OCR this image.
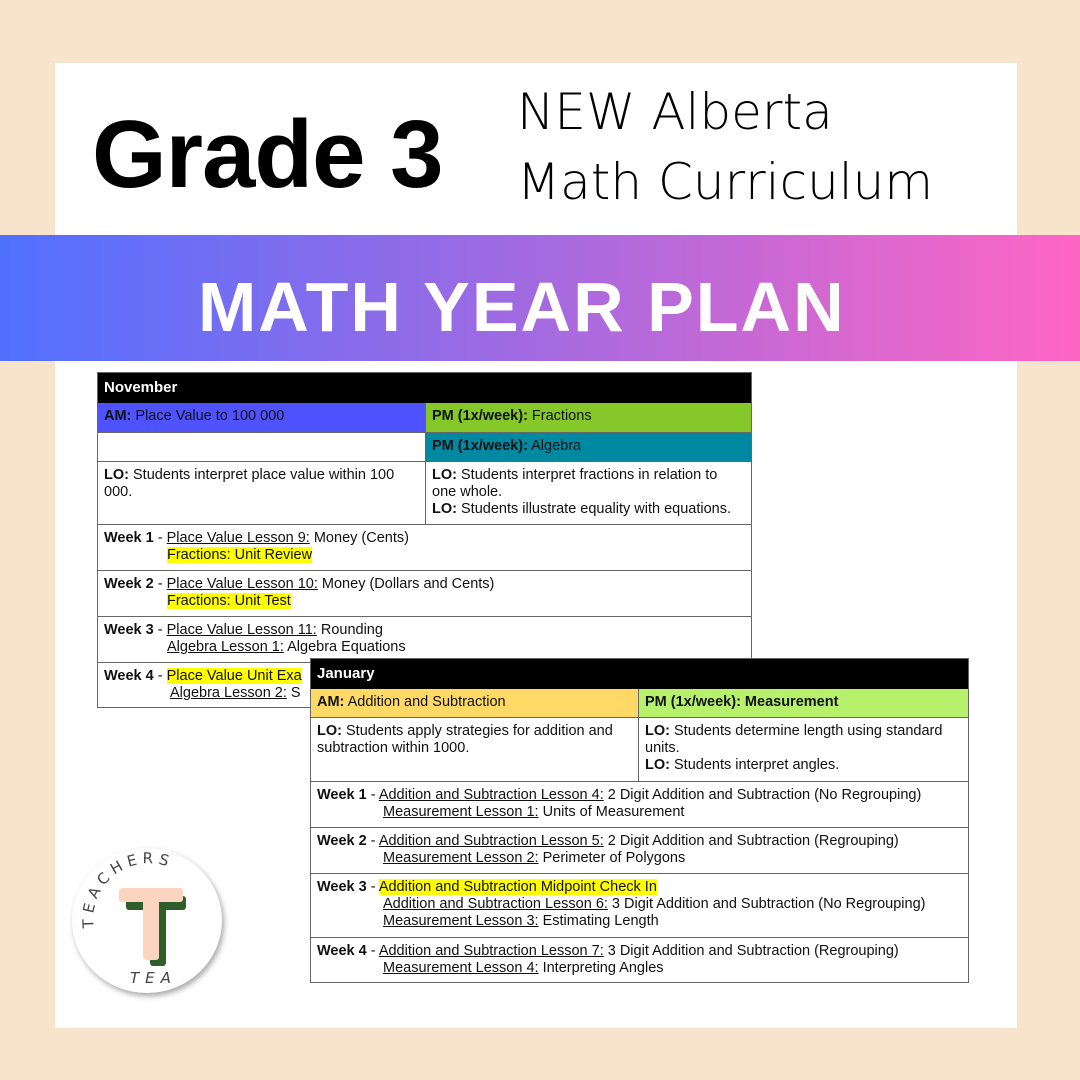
Grade 3 NEW Alberta
Math Curriculum
MATH YEAR PLAN
November
AM: Place Value to 100 000	PM (1x/week): Fractions
PM (1x/week): Algebra
LO: Students interpret place value within 100 000.
LO: Students interpret fractions in relation to one whole.
LO: Students illustrate equality with equations.
Week 1 - Place Value Lesson 9: Money (Cents)
Fractions: Unit Review
Week 2 - Place Value Lesson 10: Money (Dollars and Cents)
Fractions: Unit Test
Week 3 - Place Value Lesson 11: Rounding
Algebra Lesson 1: Algebra Equations
Week 4 - Place Value Unit Exa
Algebra Lesson 2: S
January
AM: Addition and Subtraction	PM (1x/week): Measurement
LO: Students apply strategies for addition and subtraction within 1000.
LO: Students determine length using standard units.
LO: Students interpret angles.
Week 1 - Addition and Subtraction Lesson 4: 2 Digit Addition and Subtraction (No Regrouping)
Measurement Lesson 1: Units of Measurement
Week 2 - Addition and Subtraction Lesson 5: 2 Digit Addition and Subtraction (Regrouping)
Measurement Lesson 2: Perimeter of Polygons
Week 3 - Addition and Subtraction Midpoint Check In
Addition and Subtraction Lesson 6: 3 Digit Addition and Subtraction (No Regrouping)
Measurement Lesson 3: Estimating Length
Week 4 - Addition and Subtraction Lesson 7: 3 Digit Addition and Subtraction (Regrouping)
Measurement Lesson 4: Interpreting Angles
TEACHERS
TEA
